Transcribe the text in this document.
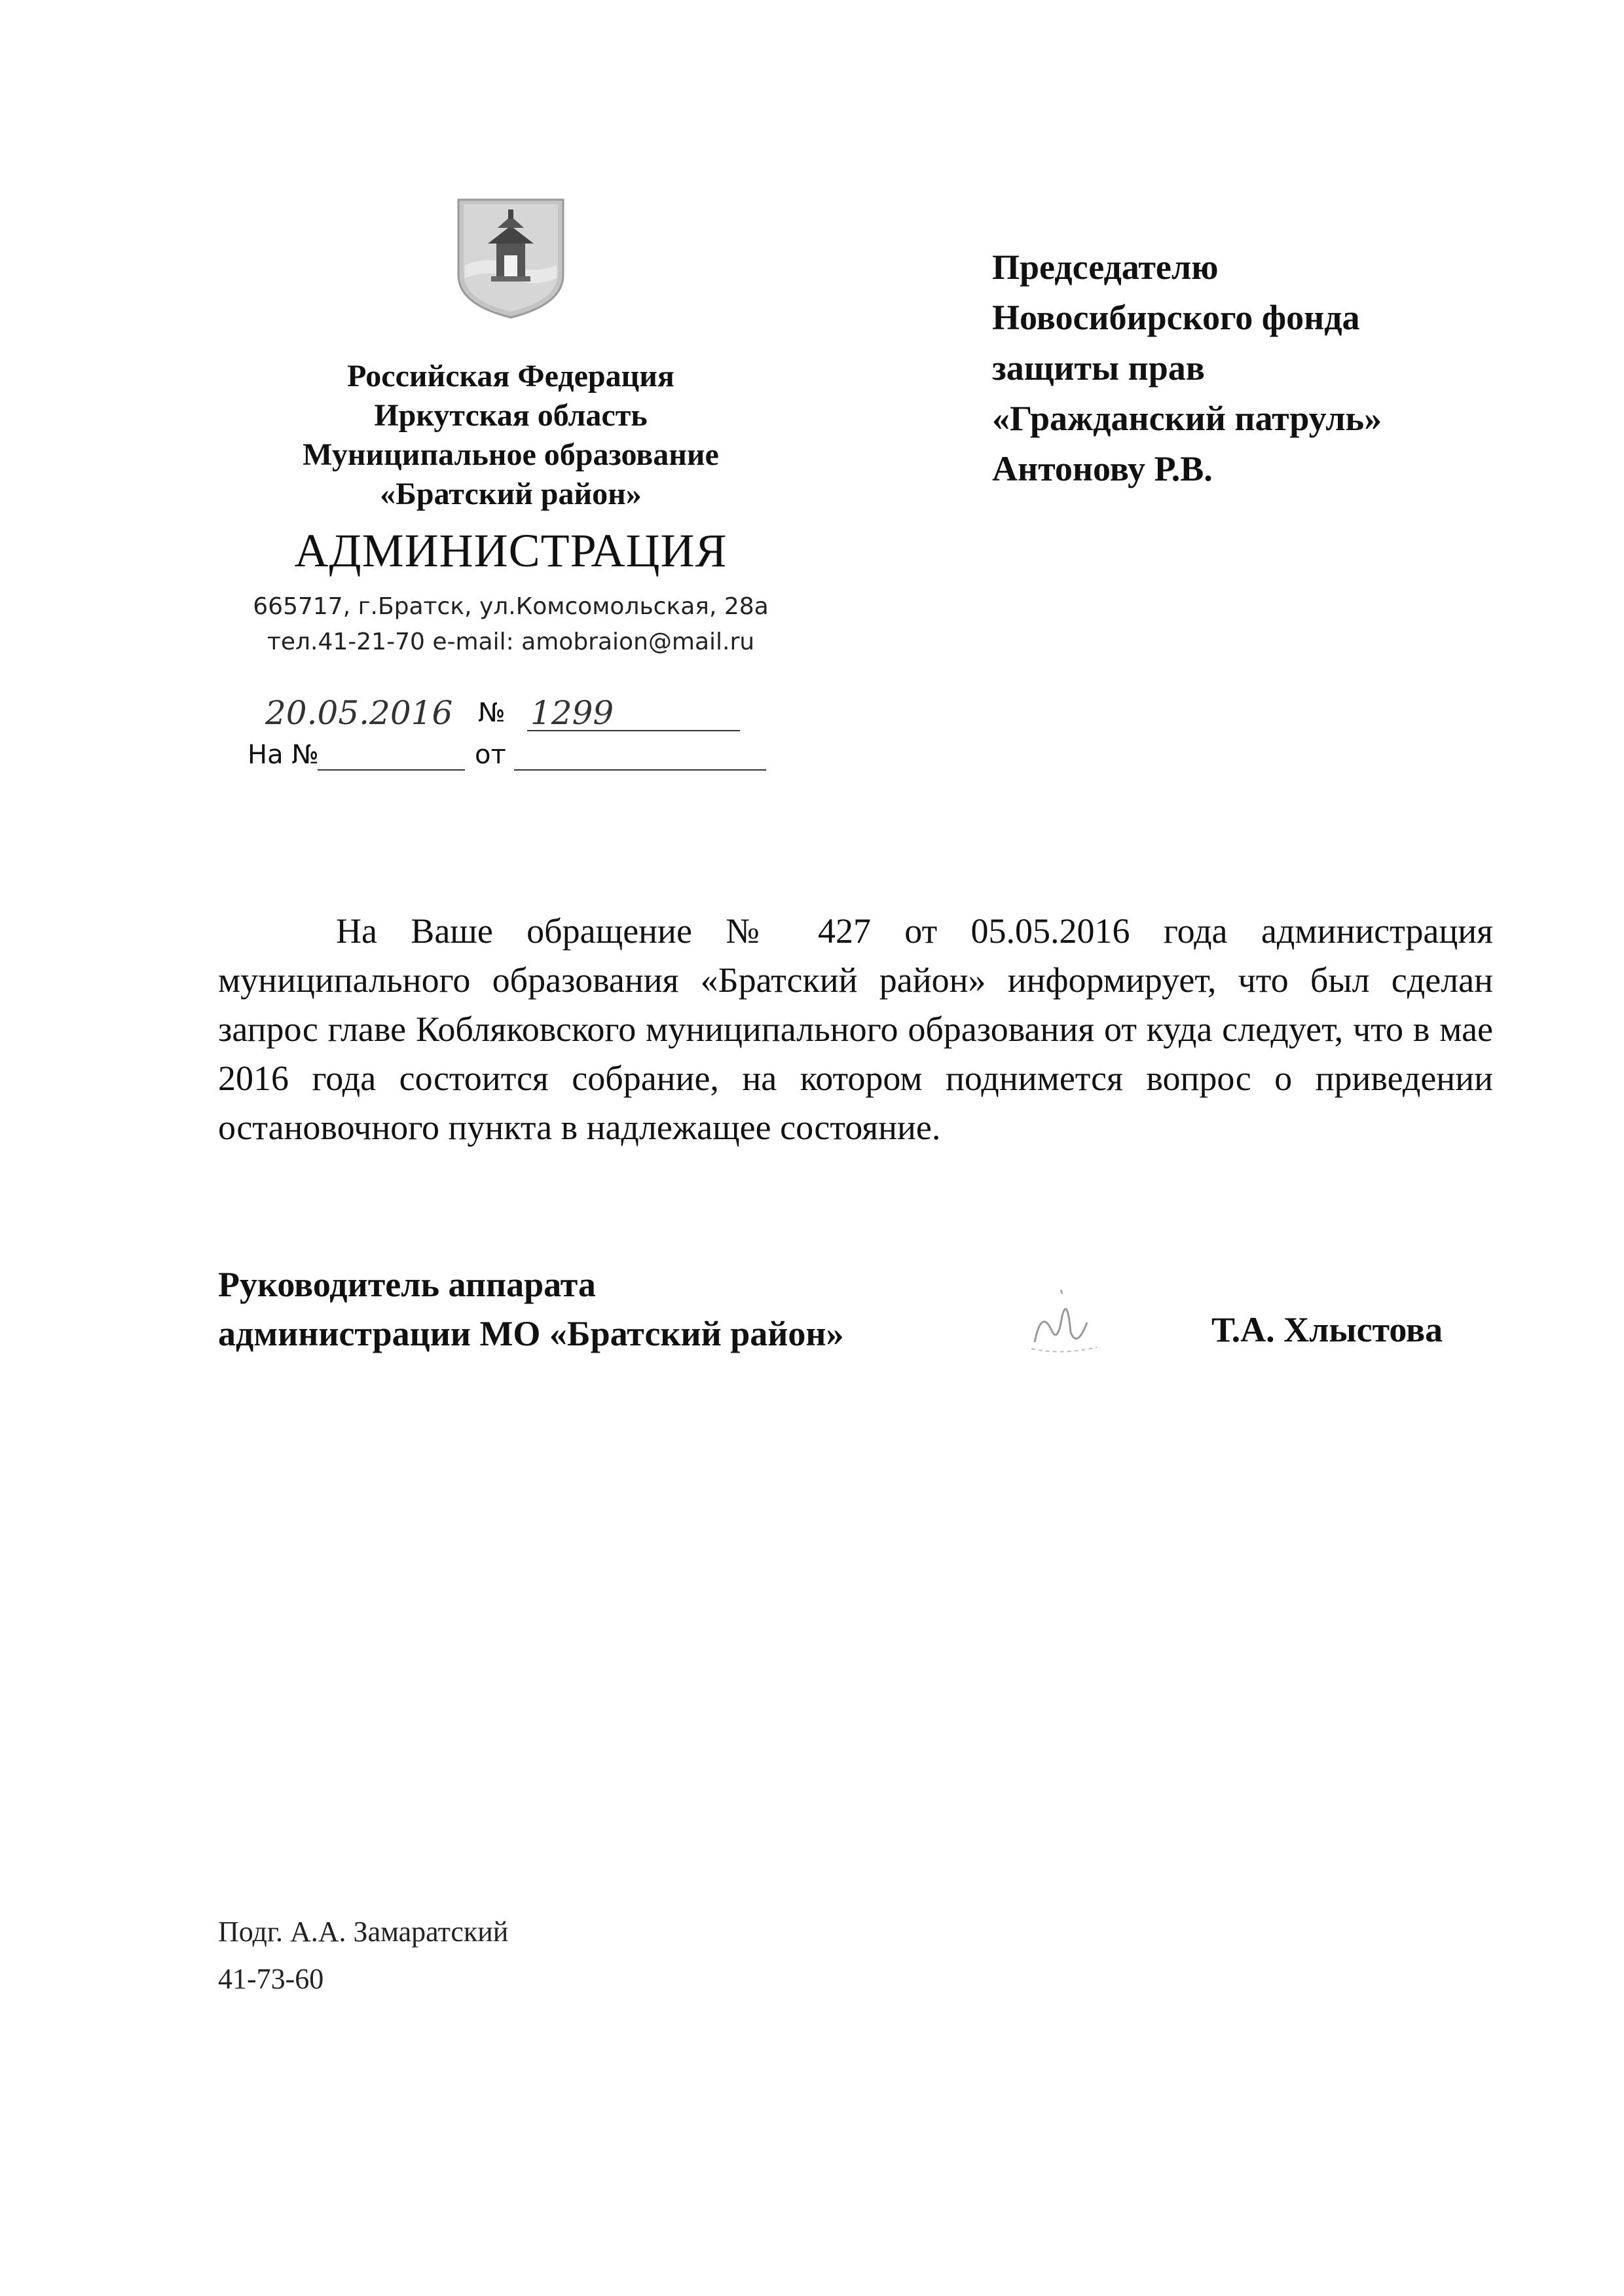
Российская Федерация
Иркутская область
Муниципальное образование
«Братский район»
АДМИНИСТРАЦИЯ
665717, г.Братск, ул.Комсомольская, 28а
тел.41-21-70 e-mail: amobraion@mail.ru
20.05.2016 № 1299
На №	от
Председателю
Новосибирского фонда
защиты прав
«Гражданский патруль»
Антонову Р.В.
На Ваше обращение № 427 от 05.05.2016 года администрация муниципального образования «Братский район» информирует, что был сделан запрос главе Кобляковского муниципального образования от куда следует, что в мае 2016 года состоится собрание, на котором поднимется вопрос о приведении остановочного пункта в надлежащее состояние.
Руководитель аппарата
администрации МО «Братский район»	Т.А. Хлыстова
Подг. А.А. Замаратский
41-73-60
